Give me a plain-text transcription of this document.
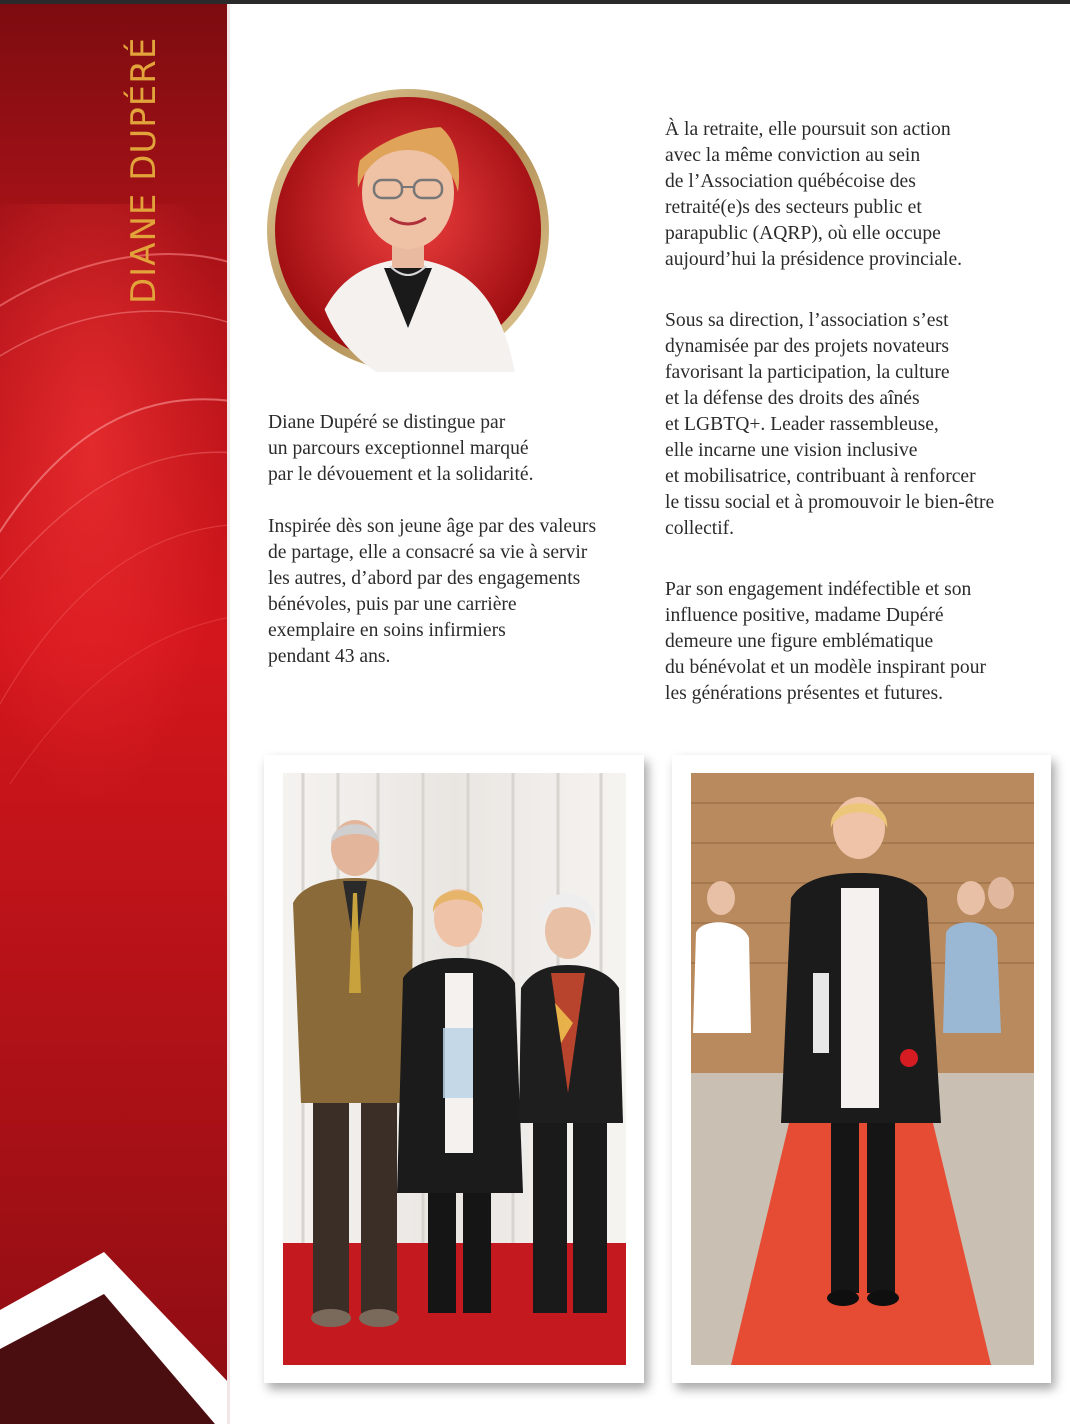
DIANE DUPÉRÉ

Diane Dupéré se distingue par
un parcours exceptionnel marqué
par le dévouement et la solidarité.

Inspirée dès son jeune âge par des valeurs
de partage, elle a consacré sa vie à servir
les autres, d’abord par des engagements
bénévoles, puis par une carrière
exemplaire en soins infirmiers
pendant 43 ans.

À la retraite, elle poursuit son action
avec la même conviction au sein
de l’Association québécoise des
retraité(e)s des secteurs public et
parapublic (AQRP), où elle occupe
aujourd’hui la présidence provinciale.

Sous sa direction, l’association s’est
dynamisée par des projets novateurs
favorisant la participation, la culture
et la défense des droits des aînés
et LGBTQ+. Leader rassembleuse,
elle incarne une vision inclusive
et mobilisatrice, contribuant à renforcer
le tissu social et à promouvoir le bien-être
collectif.

Par son engagement indéfectible et son
influence positive, madame Dupéré
demeure une figure emblématique
du bénévolat et un modèle inspirant pour
les générations présentes et futures.
